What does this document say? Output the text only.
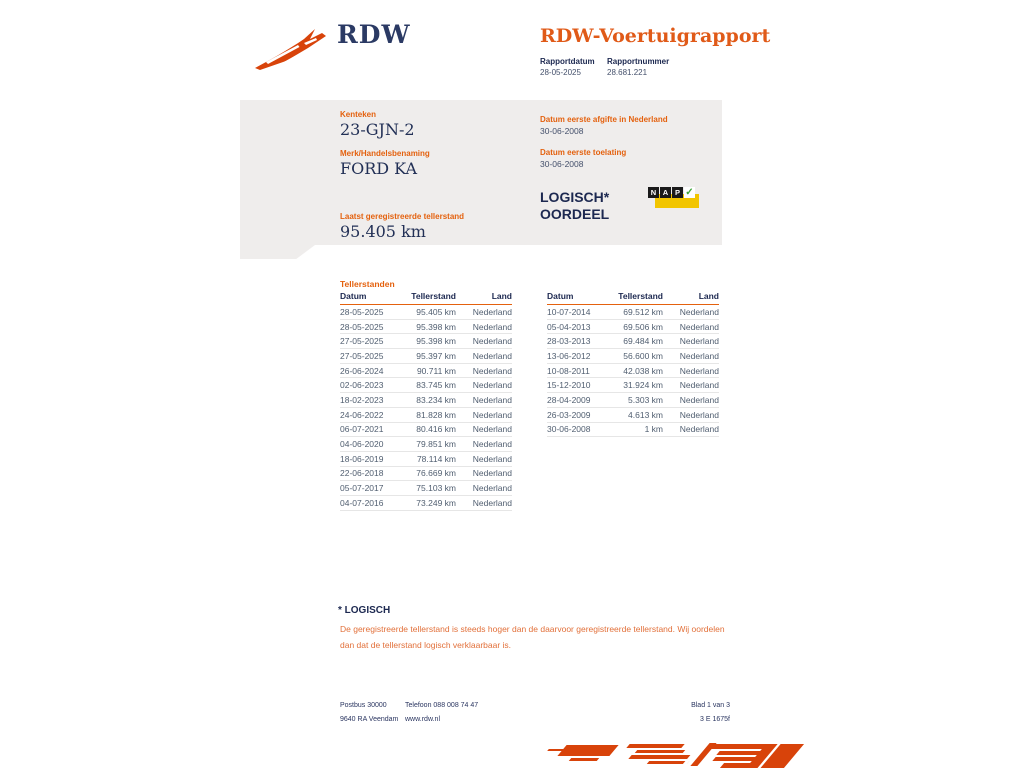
RDW	RDW-Voertuigrapport
Rapportdatum
28-05-2025
Rapportnummer
28.681.221
Kenteken
23-GJN-2
Merk/Handelsbenaming
FORD KA
Laatst geregistreerde tellerstand
95.405 km
Datum eerste afgifte in Nederland
30-06-2008
Datum eerste toelating
30-06-2008
LOGISCH*
OORDEEL
N A P ✓
Tellerstanden
Datum	Tellerstand	Land
28-05-2025	95.405 km	Nederland
28-05-2025	95.398 km	Nederland
27-05-2025	95.398 km	Nederland
27-05-2025	95.397 km	Nederland
26-06-2024	90.711 km	Nederland
02-06-2023	83.745 km	Nederland
18-02-2023	83.234 km	Nederland
24-06-2022	81.828 km	Nederland
06-07-2021	80.416 km	Nederland
04-06-2020	79.851 km	Nederland
18-06-2019	78.114 km	Nederland
22-06-2018	76.669 km	Nederland
05-07-2017	75.103 km	Nederland
04-07-2016	73.249 km	Nederland
Datum	Tellerstand	Land
10-07-2014	69.512 km	Nederland
05-04-2013	69.506 km	Nederland
28-03-2013	69.484 km	Nederland
13-06-2012	56.600 km	Nederland
10-08-2011	42.038 km	Nederland
15-12-2010	31.924 km	Nederland
28-04-2009	5.303 km	Nederland
26-03-2009	4.613 km	Nederland
30-06-2008	1 km	Nederland
* LOGISCH
De geregistreerde tellerstand is steeds hoger dan de daarvoor geregistreerde tellerstand. Wij oordelen dan dat de tellerstand logisch verklaarbaar is.
Postbus 30000
9640 RA Veendam
Telefoon 088 008 74 47
www.rdw.nl
Blad 1 van 3
3 E 1675f
